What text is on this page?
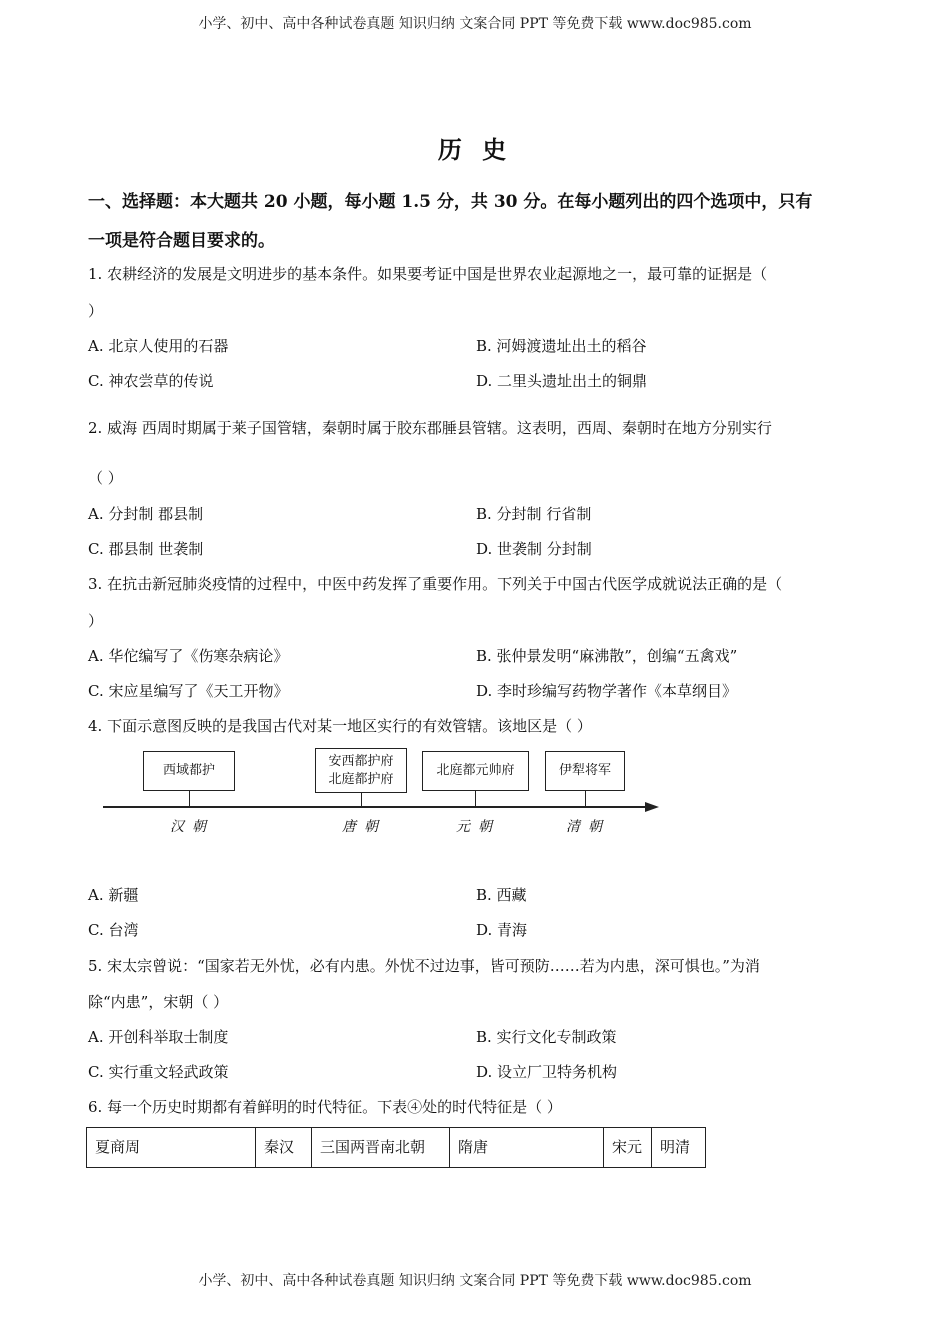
小学、初中、高中各种试卷真题 知识归纳 文案合同 PPT 等免费下载 www.doc985.com
历 史
一、选择题：本大题共 20 小题，每小题 1.5 分，共 30 分。在每小题列出的四个选项中，只有
一项是符合题目要求的。
1. 农耕经济的发展是文明进步的基本条件。如果要考证中国是世界农业起源地之一，最可靠的证据是（
）
A. 北京人使用的石器	B. 河姆渡遗址出土的稻谷
C. 神农尝草的传说	D. 二里头遗址出土的铜鼎
2. 威海 西周时期属于莱子国管辖，秦朝时属于胶东郡腄县管辖。这表明，西周、秦朝时在地方分别实行
（ ）
A. 分封制 郡县制	B. 分封制 行省制
C. 郡县制 世袭制	D. 世袭制 分封制
3. 在抗击新冠肺炎疫情的过程中，中医中药发挥了重要作用。下列关于中国古代医学成就说法正确的是（
）
A. 华佗编写了《伤寒杂病论》	B. 张仲景发明“麻沸散”，创编“五禽戏”
C. 宋应星编写了《天工开物》	D. 李时珍编写药物学著作《本草纲目》
4. 下面示意图反映的是我国古代对某一地区实行的有效管辖。该地区是（ ）
西域都护
安西都护府
北庭都护府
北庭都元帅府	伊犁将军
汉朝	唐朝	元朝	清朝
A. 新疆	B. 西藏
C. 台湾	D. 青海
5. 宋太宗曾说：“国家若无外忧，必有内患。外忧不过边事，皆可预防……若为内患，深可惧也。”为消
除“内患”，宋朝（ ）
A. 开创科举取士制度	B. 实行文化专制政策
C. 实行重文轻武政策	D. 设立厂卫特务机构
6. 每一个历史时期都有着鲜明的时代特征。下表④处的时代特征是（ ）
夏商周	秦汉	三国两晋南北朝	隋唐	宋元	明清
小学、初中、高中各种试卷真题 知识归纳 文案合同 PPT 等免费下载 www.doc985.com
